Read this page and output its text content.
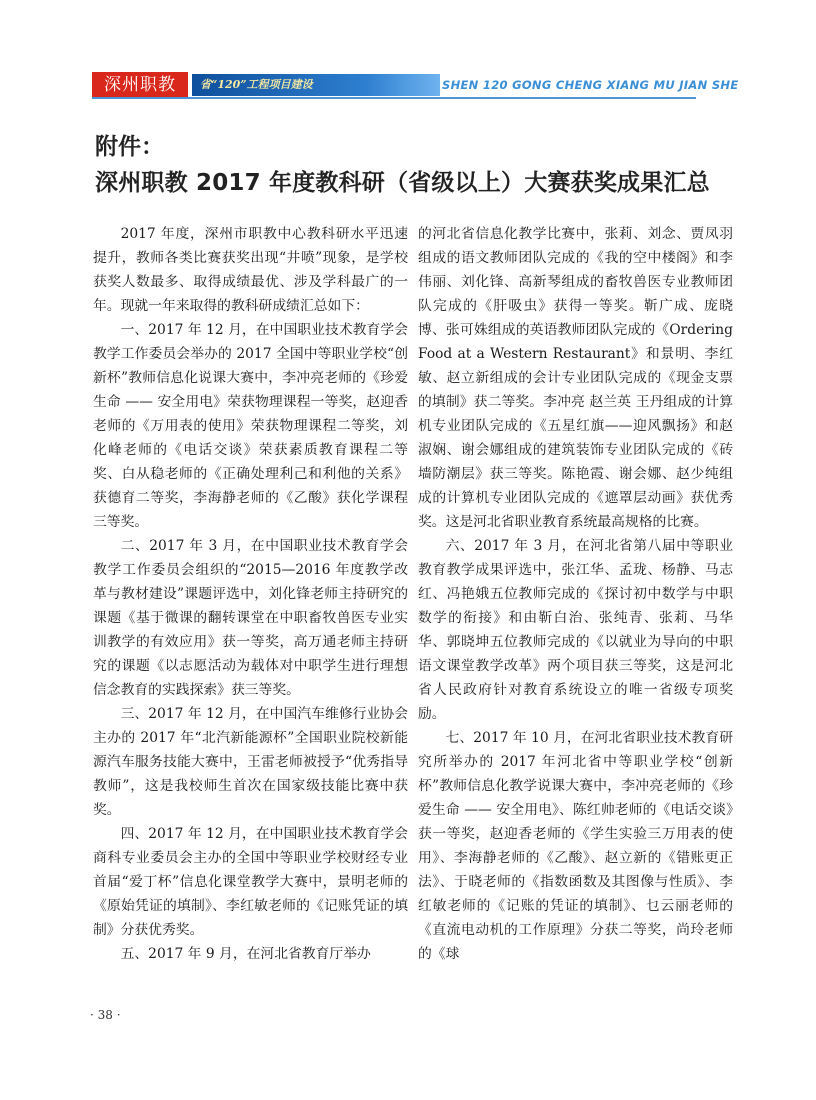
深州职教	省“120”工程项目建设	SHEN 120 GONG CHENG XIANG MU JIAN SHE
附件：
深州职教 2017 年度教科研（省级以上）大赛获奖成果汇总

2017 年度，深州市职教中心教科研水平迅速提升，教师各类比赛获奖出现“井喷”现象，是学校获奖人数最多、取得成绩最优、涉及学科最广的一年。现就一年来取得的教科研成绩汇总如下：

一、2017 年 12 月，在中国职业技术教育学会教学工作委员会举办的 2017 全国中等职业学校“创新杯”教师信息化说课大赛中，李冲亮老师的《珍爱生命 —— 安全用电》荣获物理课程一等奖，赵迎香老师的《万用表的使用》荣获物理课程二等奖，刘化峰老师的《电话交谈》荣获素质教育课程二等奖、白从稳老师的《正确处理利己和利他的关系》获德育二等奖，李海静老师的《乙酸》获化学课程三等奖。

二、2017 年 3 月，在中国职业技术教育学会教学工作委员会组织的“2015—2016 年度教学改革与教材建设”课题评选中，刘化锋老师主持研究的课题《基于微课的翻转课堂在中职畜牧兽医专业实训教学的有效应用》获一等奖，高万通老师主持研究的课题《以志愿活动为载体对中职学生进行理想信念教育的实践探索》获三等奖。

三、2017 年 12 月，在中国汽车维修行业协会主办的 2017 年“北汽新能源杯”全国职业院校新能源汽车服务技能大赛中，王雷老师被授予“优秀指导教师”，这是我校师生首次在国家级技能比赛中获奖。

四、2017 年 12 月，在中国职业技术教育学会商科专业委员会主办的全国中等职业学校财经专业首届“爱丁杯”信息化课堂教学大赛中，景明老师的《原始凭证的填制》、李红敏老师的《记账凭证的填制》分获优秀奖。

五、2017 年 9 月，在河北省教育厅举办

的河北省信息化教学比赛中，张莉、刘念、贾凤羽组成的语文教师团队完成的《我的空中楼阁》和李伟丽、刘化锋、高新琴组成的畜牧兽医专业教师团队完成的《肝吸虫》获得一等奖。靳广成、庞晓博、张可姝组成的英语教师团队完成的《Ordering Food at a Western Restaurant》和景明、李红敏、赵立新组成的会计专业团队完成的《现金支票的填制》获二等奖。李冲亮 赵兰英 王丹组成的计算机专业团队完成的《五星红旗——迎风飘扬》和赵淑娴、谢会娜组成的建筑装饰专业团队完成的《砖墙防潮层》获三等奖。陈艳霞、谢会娜、赵少纯组成的计算机专业团队完成的《遮罩层动画》获优秀奖。这是河北省职业教育系统最高规格的比赛。

六、2017 年 3 月，在河北省第八届中等职业教育教学成果评选中，张江华、孟珑、杨静、马志红、冯艳娥五位教师完成的《探讨初中数学与中职数学的衔接》和由靳白治、张纯青、张莉、马华华、郭晓坤五位教师完成的《以就业为导向的中职语文课堂教学改革》两个项目获三等奖，这是河北省人民政府针对教育系统设立的唯一省级专项奖励。

七、2017 年 10 月，在河北省职业技术教育研究所举办的 2017 年河北省中等职业学校“创新杯”教师信息化教学说课大赛中，李冲亮老师的《珍爱生命 —— 安全用电》、陈红帅老师的《电话交谈》获一等奖，赵迎香老师的《学生实验三万用表的使用》、李海静老师的《乙酸》、赵立新的《错账更正法》、于晓老师的《指数函数及其图像与性质》、李红敏老师的《记账的凭证的填制》、乜云丽老师的《直流电动机的工作原理》分获二等奖，尚玲老师的《球

· 38 ·
